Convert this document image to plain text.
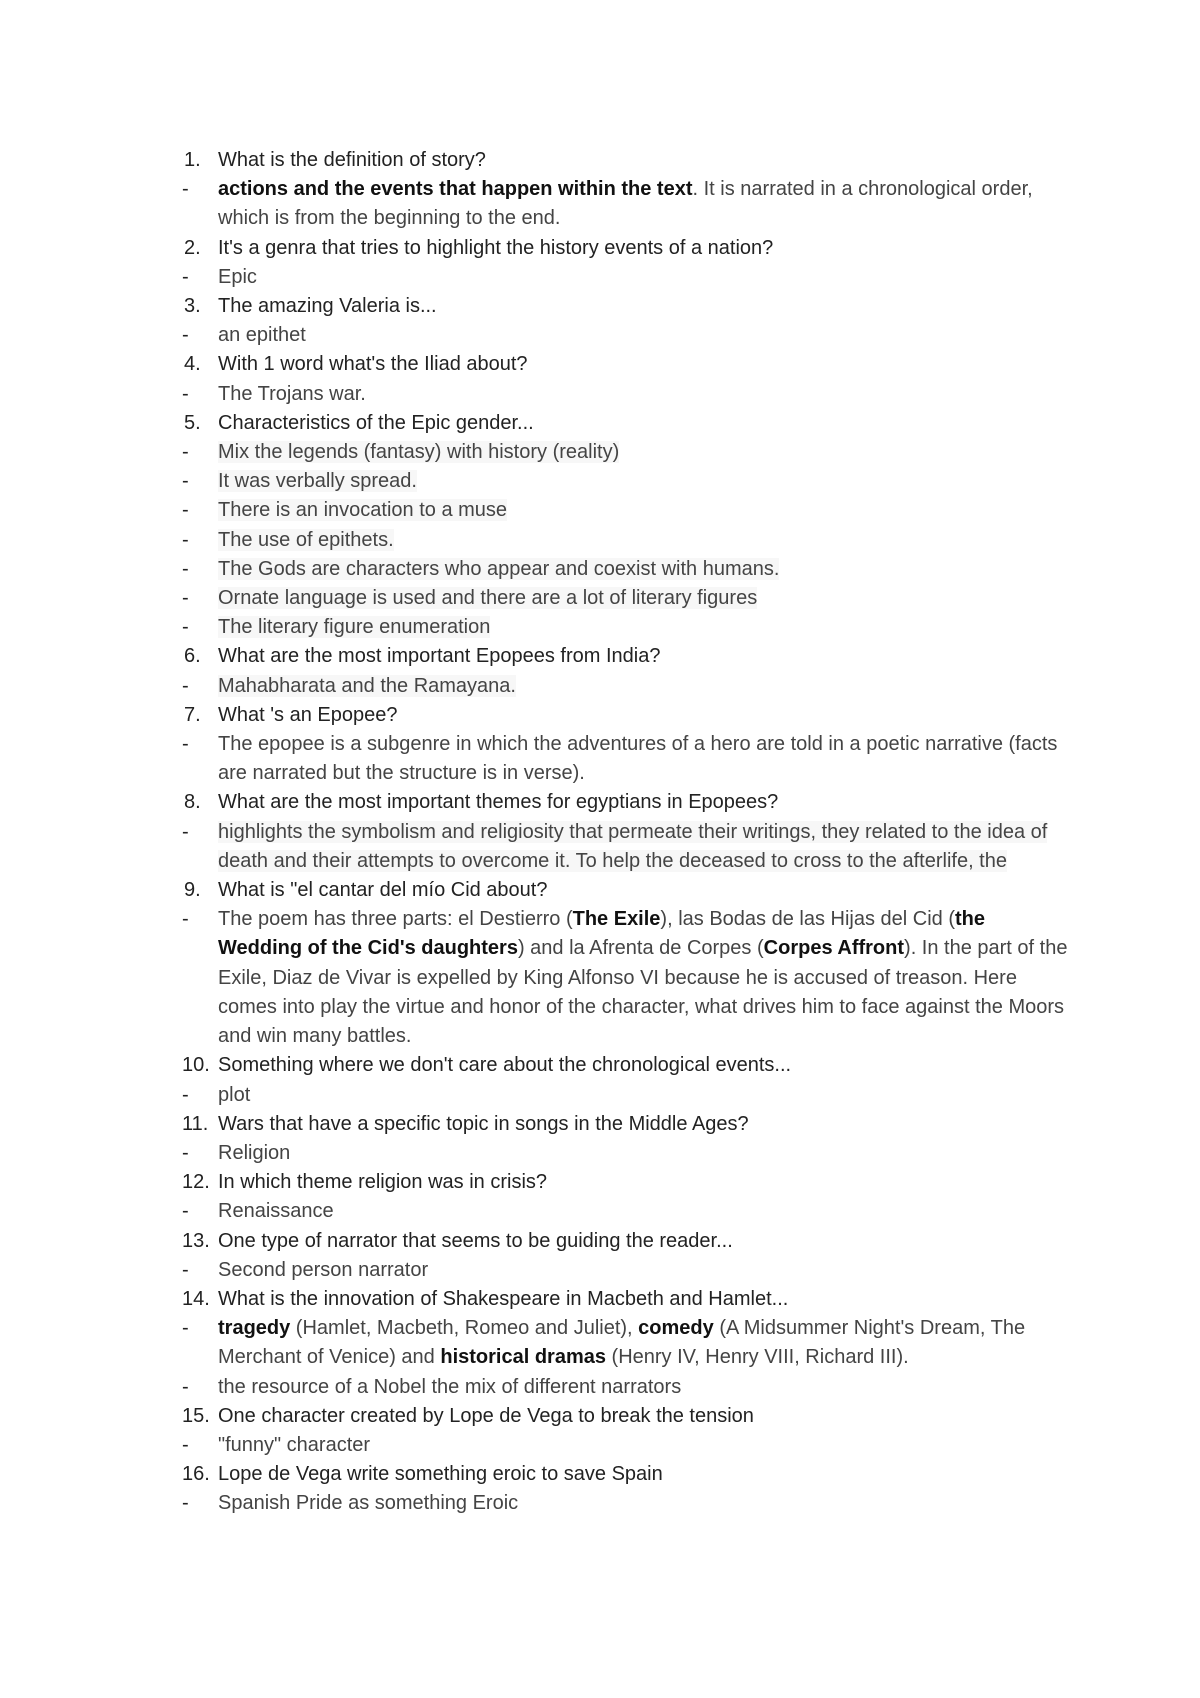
1. What is the definition of story?
- actions and the events that happen within the text. It is narrated in a chronological order, which is from the beginning to the end.
2. It's a genra that tries to highlight the history events of a nation?
- Epic
3. The amazing Valeria is...
- an epithet
4. With 1 word what's the Iliad about?
- The Trojans war.
5. Characteristics of the Epic gender...
- Mix the legends (fantasy) with history (reality)
- It was verbally spread.
- There is an invocation to a muse
- The use of epithets.
- The Gods are characters who appear and coexist with humans.
- Ornate language is used and there are a lot of literary figures
- The literary figure enumeration
6. What are the most important Epopees from India?
- Mahabharata and the Ramayana.
7. What 's an Epopee?
- The epopee is a subgenre in which the adventures of a hero are told in a poetic narrative (facts are narrated but the structure is in verse).
8. What are the most important themes for egyptians in Epopees?
- highlights the symbolism and religiosity that permeate their writings, they related to the idea of death and their attempts to overcome it. To help the deceased to cross to the afterlife, the
9. What is "el cantar del mío Cid about?
- The poem has three parts: el Destierro (The Exile), las Bodas de las Hijas del Cid (the Wedding of the Cid's daughters) and la Afrenta de Corpes (Corpes Affront). In the part of the Exile, Diaz de Vivar is expelled by King Alfonso VI because he is accused of treason. Here comes into play the virtue and honor of the character, what drives him to face against the Moors and win many battles.
10. Something where we don't care about the chronological events...
- plot
11. Wars that have a specific topic in songs in the Middle Ages?
- Religion
12. In which theme religion was in crisis?
- Renaissance
13. One type of narrator that seems to be guiding the reader...
- Second person narrator
14. What is the innovation of Shakespeare in Macbeth and Hamlet...
- tragedy (Hamlet, Macbeth, Romeo and Juliet), comedy (A Midsummer Night's Dream, The Merchant of Venice) and historical dramas (Henry IV, Henry VIII, Richard III).
- the resource of a Nobel the mix of different narrators
15. One character created by Lope de Vega to break the tension
- "funny" character
16. Lope de Vega write something eroic to save Spain
- Spanish Pride as something Eroic
